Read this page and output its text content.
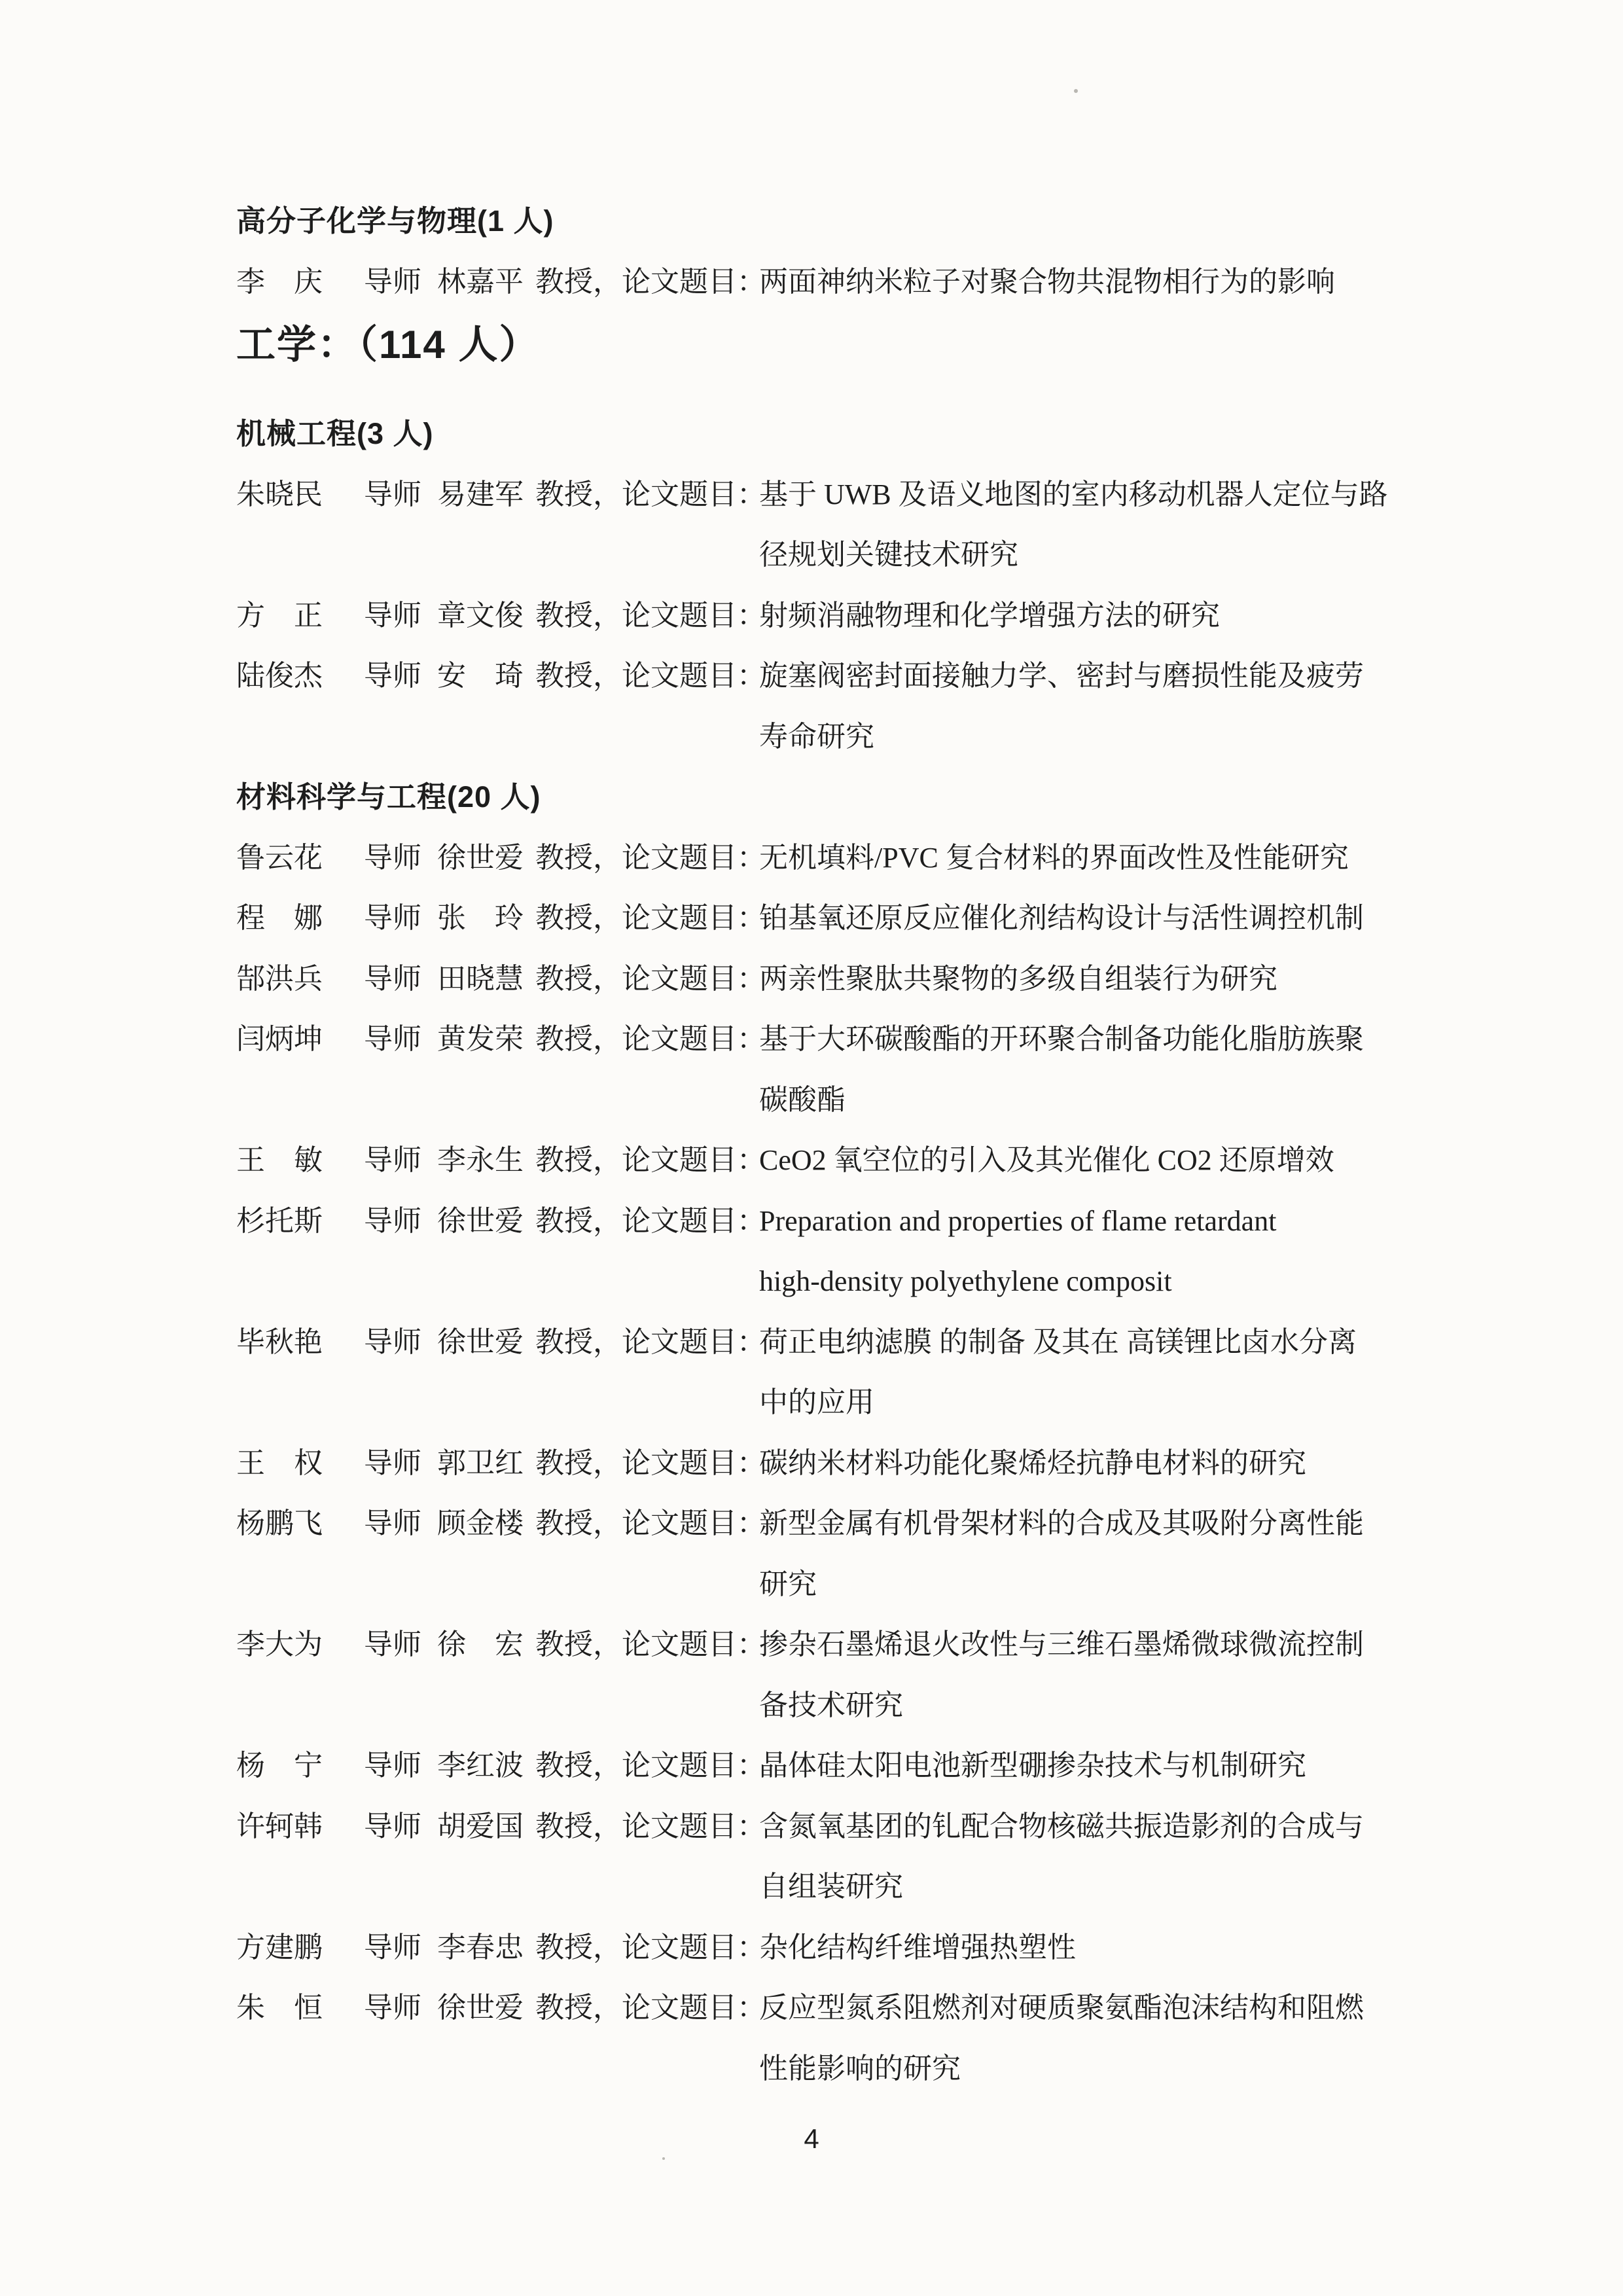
高分子化学与物理(1 人)
李　庆 导师 林嘉平 教授，论文题目：
两面神纳米粒子对聚合物共混物相行为的影响
工学：（114 人）
机械工程(3 人)
朱晓民 导师 易建军 教授，论文题目：
基于 UWB 及语义地图的室内移动机器人定位与路
径规划关键技术研究
方　正 导师 章文俊 教授，论文题目：
射频消融物理和化学增强方法的研究
陆俊杰 导师 安　琦 教授，论文题目：
旋塞阀密封面接触力学、密封与磨损性能及疲劳
寿命研究
材料科学与工程(20 人)
鲁云花 导师 徐世爱 教授，论文题目：
无机填料/PVC 复合材料的界面改性及性能研究
程　娜 导师 张　玲 教授，论文题目：
铂基氧还原反应催化剂结构设计与活性调控机制
郜洪兵 导师 田晓慧 教授，论文题目：
两亲性聚肽共聚物的多级自组装行为研究
闫炳坤 导师 黄发荣 教授，论文题目：
基于大环碳酸酯的开环聚合制备功能化脂肪族聚
碳酸酯
王　敏 导师 李永生 教授，论文题目：
CeO2 氧空位的引入及其光催化 CO2 还原增效
杉托斯 导师 徐世爱 教授，论文题目：
Preparation and properties of flame retardant
high-density polyethylene composit
毕秋艳 导师 徐世爱 教授，论文题目：
荷正电纳滤膜 的制备 及其在 高镁锂比卤水分离
中的应用
王　权 导师 郭卫红 教授，论文题目：
碳纳米材料功能化聚烯烃抗静电材料的研究
杨鹏飞 导师 顾金楼 教授，论文题目：
新型金属有机骨架材料的合成及其吸附分离性能
研究
李大为 导师 徐　宏 教授，论文题目：
掺杂石墨烯退火改性与三维石墨烯微球微流控制
备技术研究
杨　宁 导师 李红波 教授，论文题目：
晶体硅太阳电池新型硼掺杂技术与机制研究
许轲韩 导师 胡爱国 教授，论文题目：
含氮氧基团的钆配合物核磁共振造影剂的合成与
自组装研究
方建鹏 导师 李春忠 教授，论文题目：
杂化结构纤维增强热塑性
朱　恒 导师 徐世爱 教授，论文题目：
反应型氮系阻燃剂对硬质聚氨酯泡沫结构和阻燃
性能影响的研究
4
